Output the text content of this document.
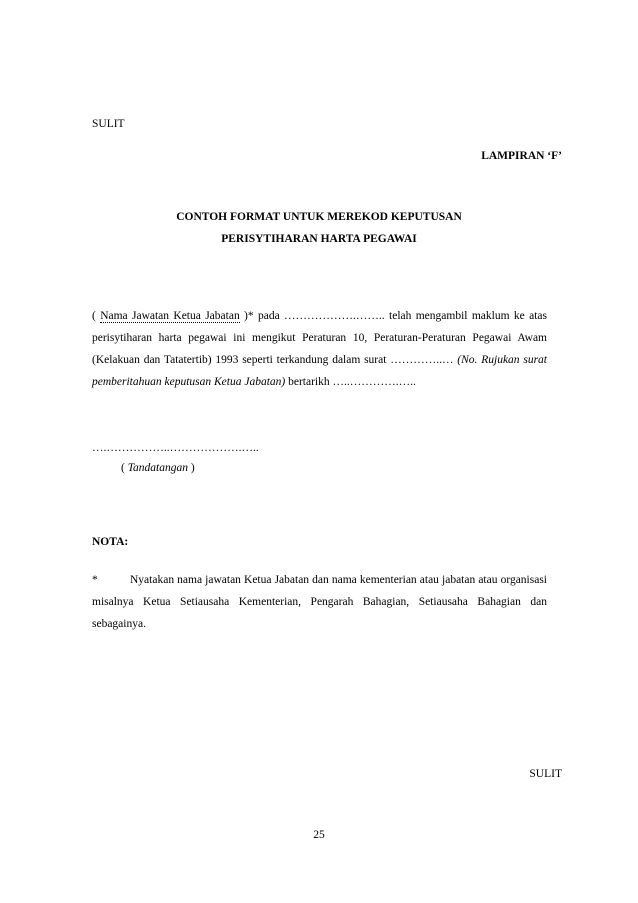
SULIT
LAMPIRAN ‘F’
CONTOH FORMAT UNTUK MEREKOD KEPUTUSAN
PERISYTIHARAN HARTA PEGAWAI
( Nama Jawatan Ketua Jabatan )* pada ……………….…….. telah mengambil maklum ke atas perisytiharan harta pegawai ini mengikut Peraturan 10, Peraturan-Peraturan Pegawai Awam (Kelakuan dan Tatatertib) 1993 seperti terkandung dalam surat …………..… (No. Rujukan surat pemberitahuan keputusan Ketua Jabatan) bertarikh …..………….…..
….……………..……………….…..
( Tandatangan )
NOTA:
*	Nyatakan nama jawatan Ketua Jabatan dan nama kementerian atau jabatan atau organisasi misalnya Ketua Setiausaha Kementerian, Pengarah Bahagian, Setiausaha Bahagian dan sebagainya.
SULIT
25
